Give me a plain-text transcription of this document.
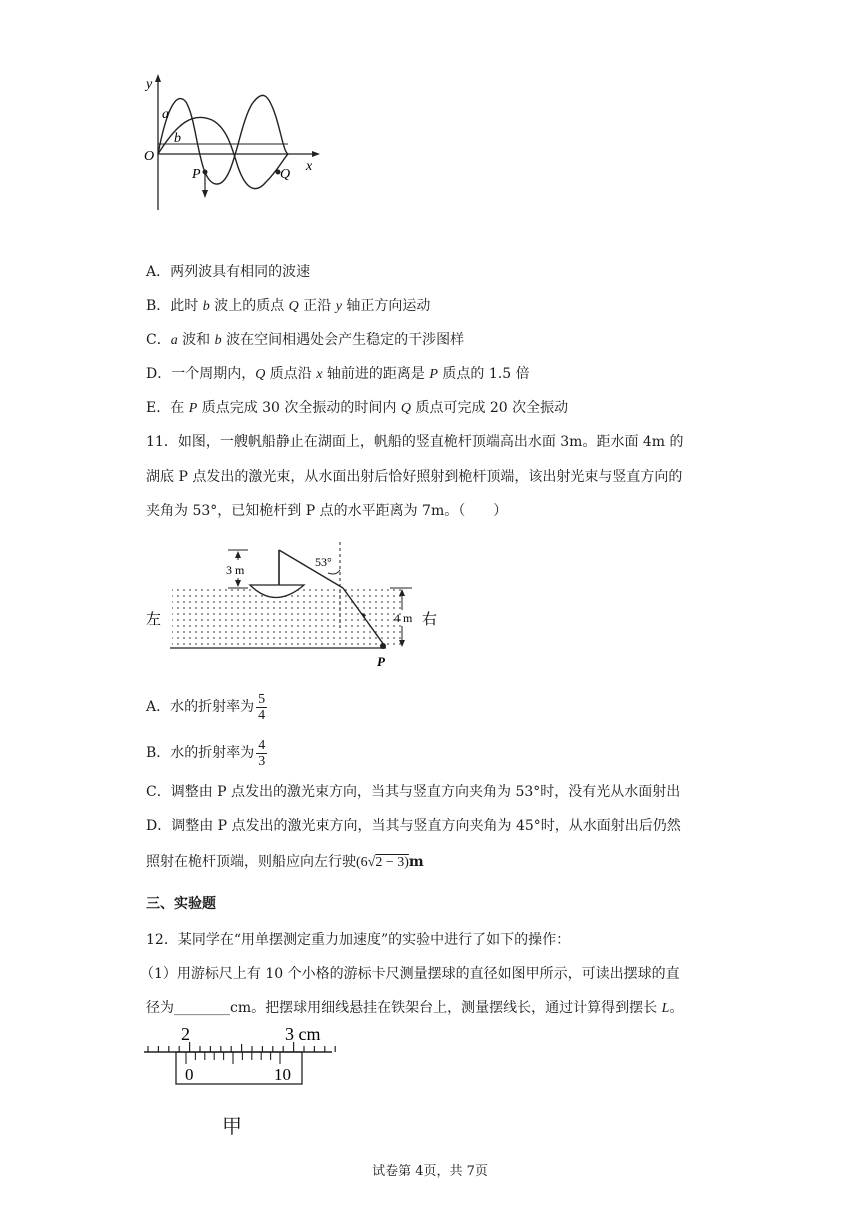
y
x
O
a
b
P	Q
A．两列波具有相同的波速
B．此时 b 波上的质点 Q 正沿 y 轴正方向运动
C．a 波和 b 波在空间相遇处会产生稳定的干涉图样
D．一个周期内，Q 质点沿 x 轴前进的距离是 P 质点的 1.5 倍
E．在 P 质点完成 30 次全振动的时间内 Q 质点可完成 20 次全振动
11．如图，一艘帆船静止在湖面上，帆船的竖直桅杆顶端高出水面 3m。距水面 4m 的
湖底 P 点发出的激光束，从水面出射后恰好照射到桅杆顶端，该出射光束与竖直方向的
夹角为 53°，已知桅杆到 P 点的水平距离为 7m。（　　）
3 m
53°
4 m
左	右
P
A．水的折射率为 $\frac{5}{4}$
B．水的折射率为 $\frac{4}{3}$
C．调整由 P 点发出的激光束方向，当其与竖直方向夹角为 53°时，没有光从水面射出
D．调整由 P 点发出的激光束方向，当其与竖直方向夹角为 45°时，从水面射出后仍然
照射在桅杆顶端，则船应向左行驶(6√2 − 3)m
三、实验题
12．某同学在“用单摆测定重力加速度”的实验中进行了如下的操作：
（1）用游标尺上有 10 个小格的游标卡尺测量摆球的直径如图甲所示，可读出摆球的直
径为________cm。把摆球用细线悬挂在铁架台上，测量摆线长，通过计算得到摆长 L。
2	3 cm
0	10
甲
试卷第 4页，共 7页
